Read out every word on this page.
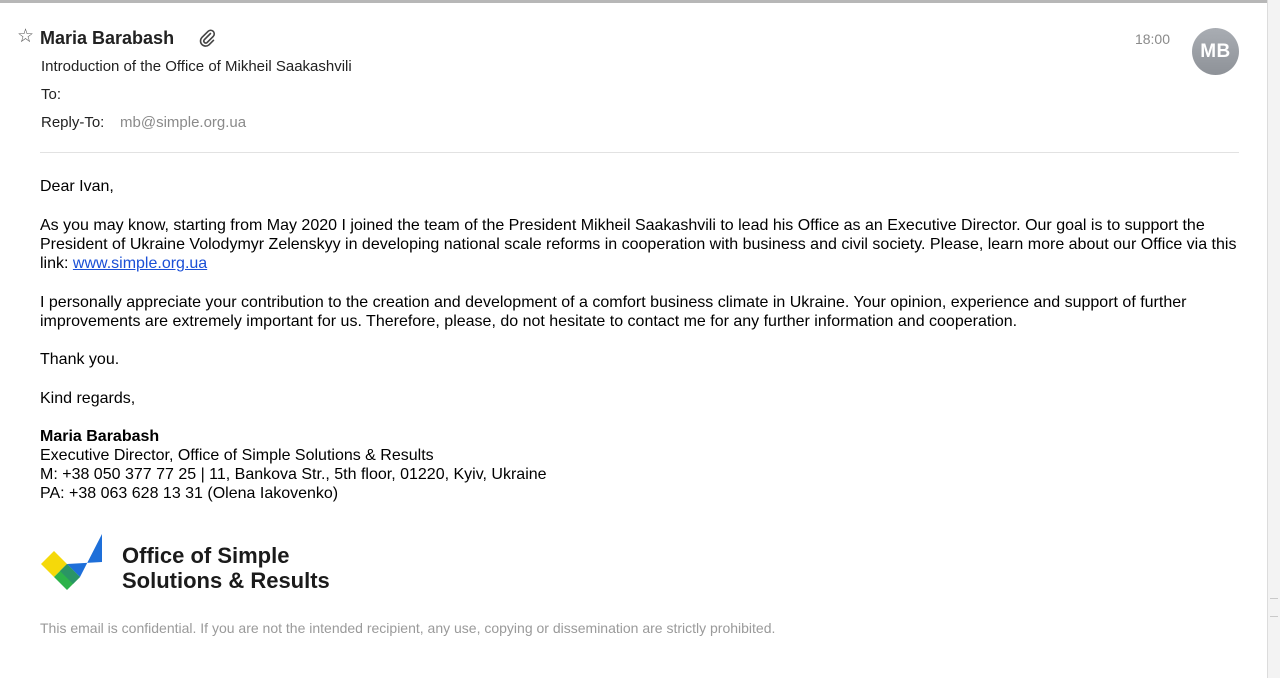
☆ Maria Barabash	18:00
MB
Introduction of the Office of Mikheil Saakashvili
To:
Reply-To: mb@simple.org.ua
Dear Ivan,
As you may know, starting from May 2020 I joined the team of the President Mikheil Saakashvili to lead his Office as an Executive Director. Our goal is to support the President of Ukraine Volodymyr Zelenskyy in developing national scale reforms in cooperation with business and civil society. Please, learn more about our Office via this link: www.simple.org.ua
I personally appreciate your contribution to the creation and development of a comfort business climate in Ukraine. Your opinion, experience and support of further improvements are extremely important for us. Therefore, please, do not hesitate to contact me for any further information and cooperation.
Thank you.
Kind regards,
Maria Barabash
Executive Director, Office of Simple Solutions & Results
M: +38 050 377 77 25 | 11, Bankova Str., 5th floor, 01220, Kyiv, Ukraine
PA: +38 063 628 13 31 (Olena Iakovenko)
Office of Simple
Solutions & Results
This email is confidential. If you are not the intended recipient, any use, copying or dissemination are strictly prohibited.
